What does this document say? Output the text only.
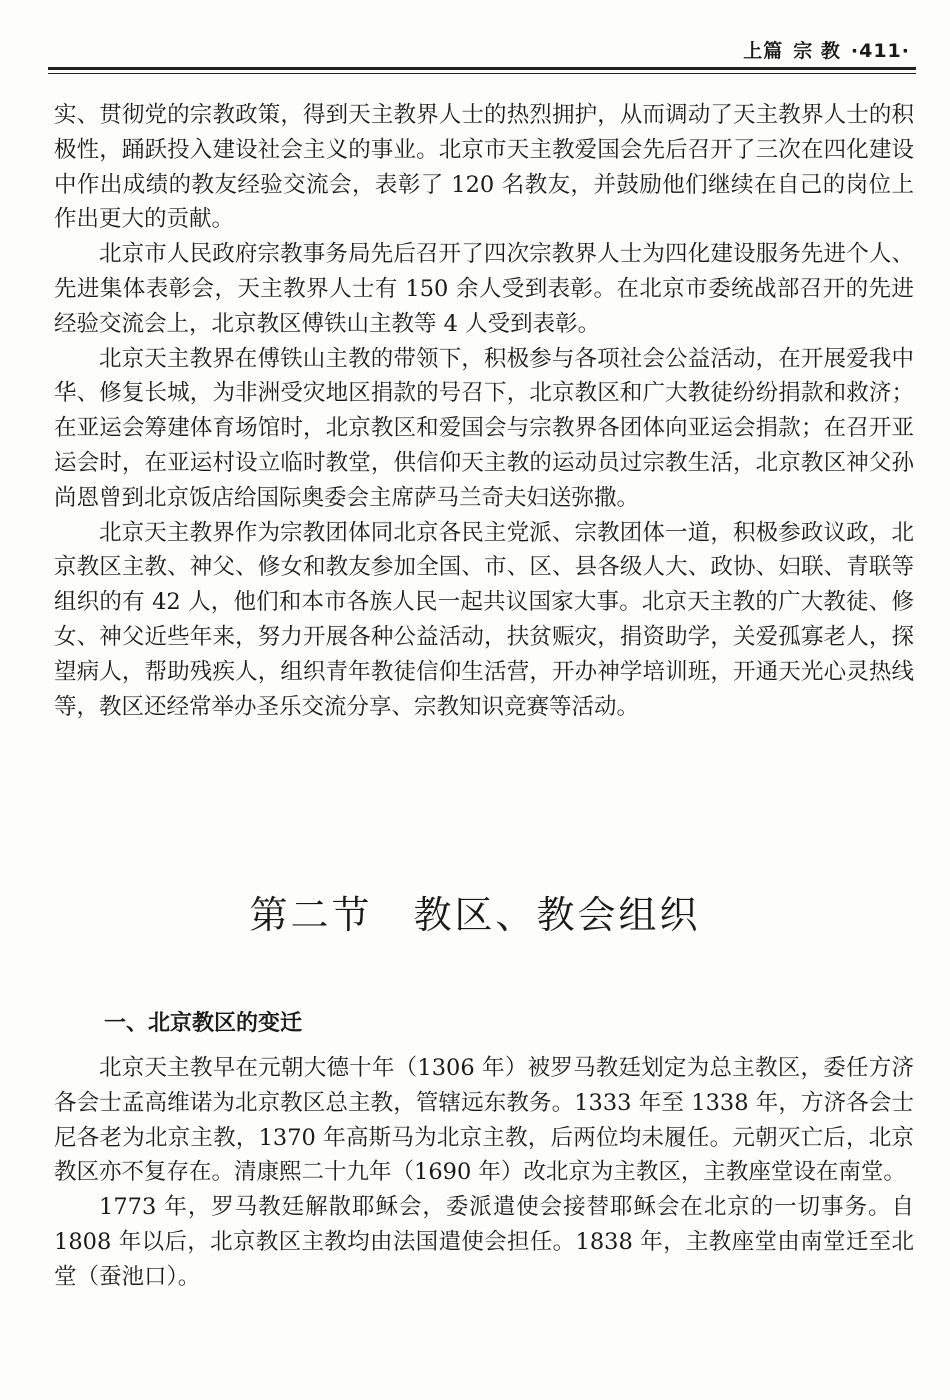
上篇 宗 教 ·411·

实、贯彻党的宗教政策，得到天主教界人士的热烈拥护，从而调动了天主教界人士的积极性，踊跃投入建设社会主义的事业。北京市天主教爱国会先后召开了三次在四化建设中作出成绩的教友经验交流会，表彰了 120 名教友，并鼓励他们继续在自己的岗位上作出更大的贡献。

北京市人民政府宗教事务局先后召开了四次宗教界人士为四化建设服务先进个人、先进集体表彰会，天主教界人士有 150 余人受到表彰。在北京市委统战部召开的先进经验交流会上，北京教区傅铁山主教等 4 人受到表彰。

北京天主教界在傅铁山主教的带领下，积极参与各项社会公益活动，在开展爱我中华、修复长城，为非洲受灾地区捐款的号召下，北京教区和广大教徒纷纷捐款和救济；在亚运会筹建体育场馆时，北京教区和爱国会与宗教界各团体向亚运会捐款；在召开亚运会时，在亚运村设立临时教堂，供信仰天主教的运动员过宗教生活，北京教区神父孙尚恩曾到北京饭店给国际奥委会主席萨马兰奇夫妇送弥撒。

北京天主教界作为宗教团体同北京各民主党派、宗教团体一道，积极参政议政，北京教区主教、神父、修女和教友参加全国、市、区、县各级人大、政协、妇联、青联等组织的有 42 人，他们和本市各族人民一起共议国家大事。北京天主教的广大教徒、修女、神父近些年来，努力开展各种公益活动，扶贫赈灾，捐资助学，关爱孤寡老人，探望病人，帮助残疾人，组织青年教徒信仰生活营，开办神学培训班，开通天光心灵热线等，教区还经常举办圣乐交流分享、宗教知识竞赛等活动。

第二节　教区、教会组织
一、北京教区的变迁

北京天主教早在元朝大德十年（1306 年）被罗马教廷划定为总主教区，委任方济各会士孟高维诺为北京教区总主教，管辖远东教务。1333 年至 1338 年，方济各会士尼各老为北京主教，1370 年高斯马为北京主教，后两位均未履任。元朝灭亡后，北京教区亦不复存在。清康熙二十九年（1690 年）改北京为主教区，主教座堂设在南堂。

1773 年，罗马教廷解散耶稣会，委派遣使会接替耶稣会在北京的一切事务。自 1808 年以后，北京教区主教均由法国遣使会担任。1838 年，主教座堂由南堂迁至北堂（蚕池口）。
